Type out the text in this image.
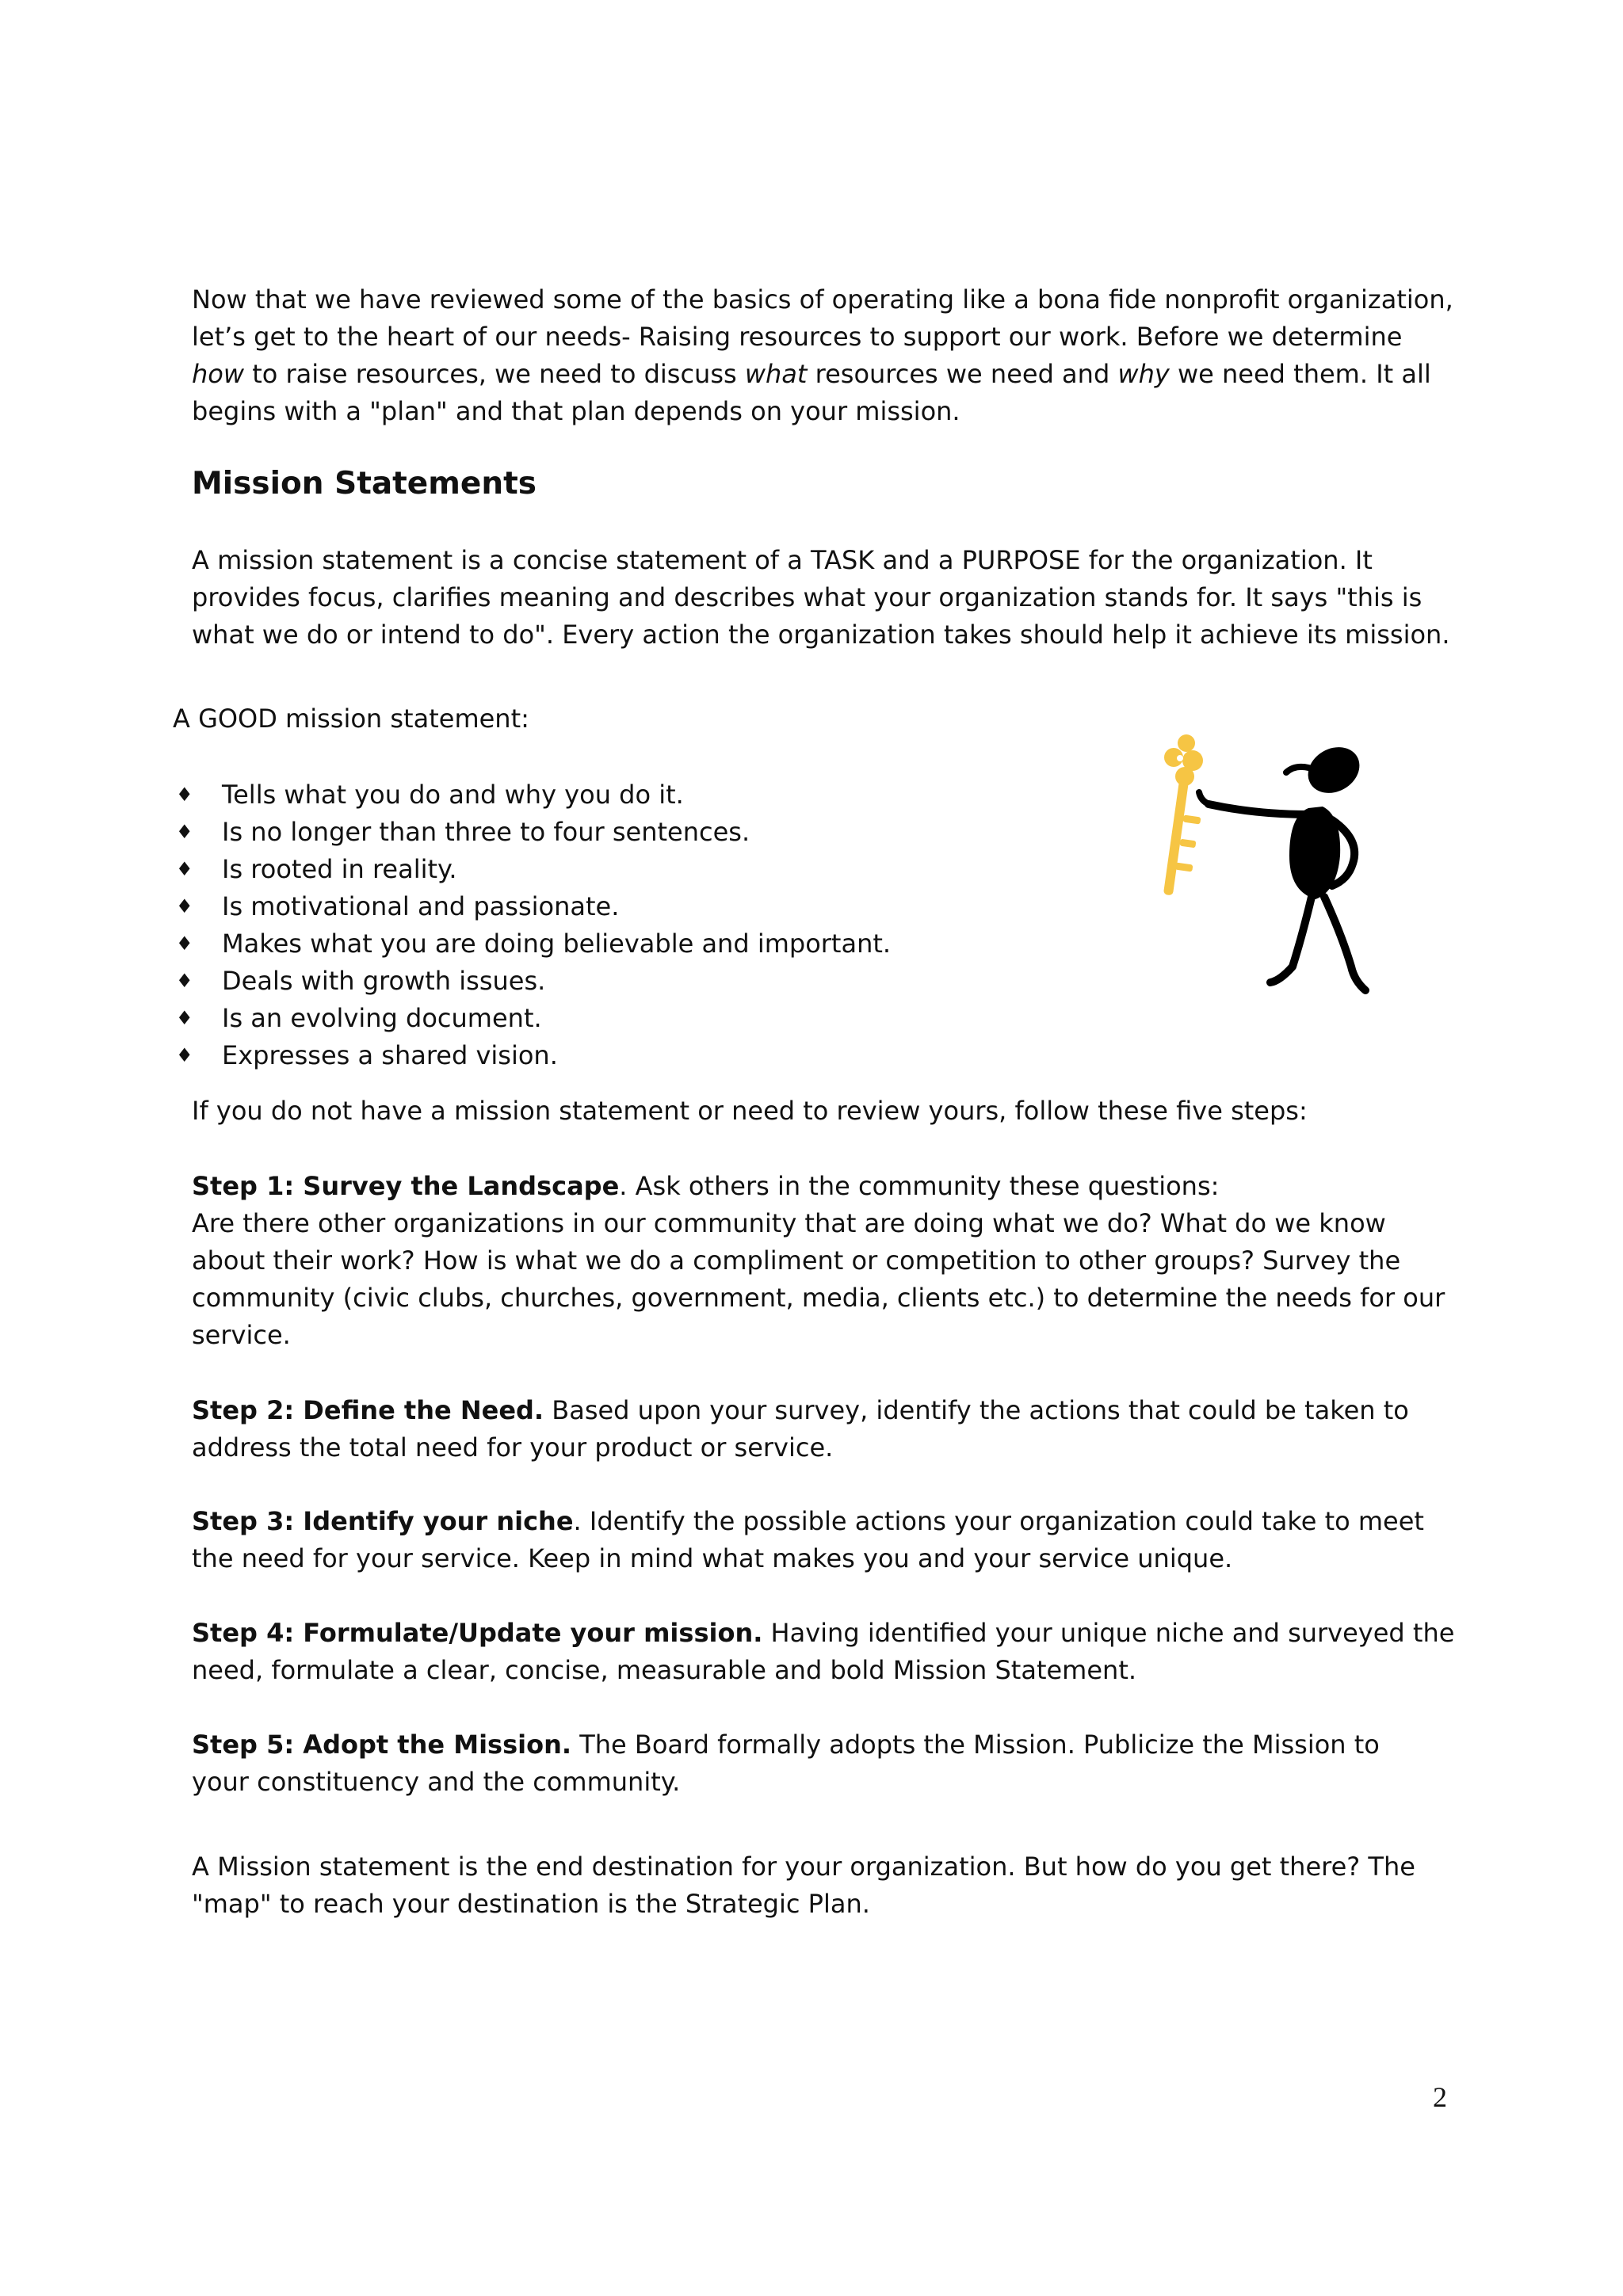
Now that we have reviewed some of the basics of operating like a bona fide nonprofit organization,
let’s get to the heart of our needs- Raising resources to support our work. Before we determine
how to raise resources, we need to discuss what resources we need and why we need them. It all
begins with a "plan" and that plan depends on your mission.

Mission Statements

A mission statement is a concise statement of a TASK and a PURPOSE for the organization. It
provides focus, clarifies meaning and describes what your organization stands for. It says "this is
what we do or intend to do". Every action the organization takes should help it achieve its mission.

A GOOD mission statement:

♦ Tells what you do and why you do it.
♦ Is no longer than three to four sentences.
♦ Is rooted in reality.
♦ Is motivational and passionate.
♦ Makes what you are doing believable and important.
♦ Deals with growth issues.
♦ Is an evolving document.
♦ Expresses a shared vision.

If you do not have a mission statement or need to review yours, follow these five steps:

Step 1: Survey the Landscape. Ask others in the community these questions:
Are there other organizations in our community that are doing what we do? What do we know
about their work? How is what we do a compliment or competition to other groups? Survey the
community (civic clubs, churches, government, media, clients etc.) to determine the needs for our
service.

Step 2: Define the Need. Based upon your survey, identify the actions that could be taken to
address the total need for your product or service.

Step 3: Identify your niche. Identify the possible actions your organization could take to meet
the need for your service. Keep in mind what makes you and your service unique.

Step 4: Formulate/Update your mission. Having identified your unique niche and surveyed the
need, formulate a clear, concise, measurable and bold Mission Statement.

Step 5: Adopt the Mission. The Board formally adopts the Mission. Publicize the Mission to
your constituency and the community.

A Mission statement is the end destination for your organization. But how do you get there? The
"map" to reach your destination is the Strategic Plan.

2
